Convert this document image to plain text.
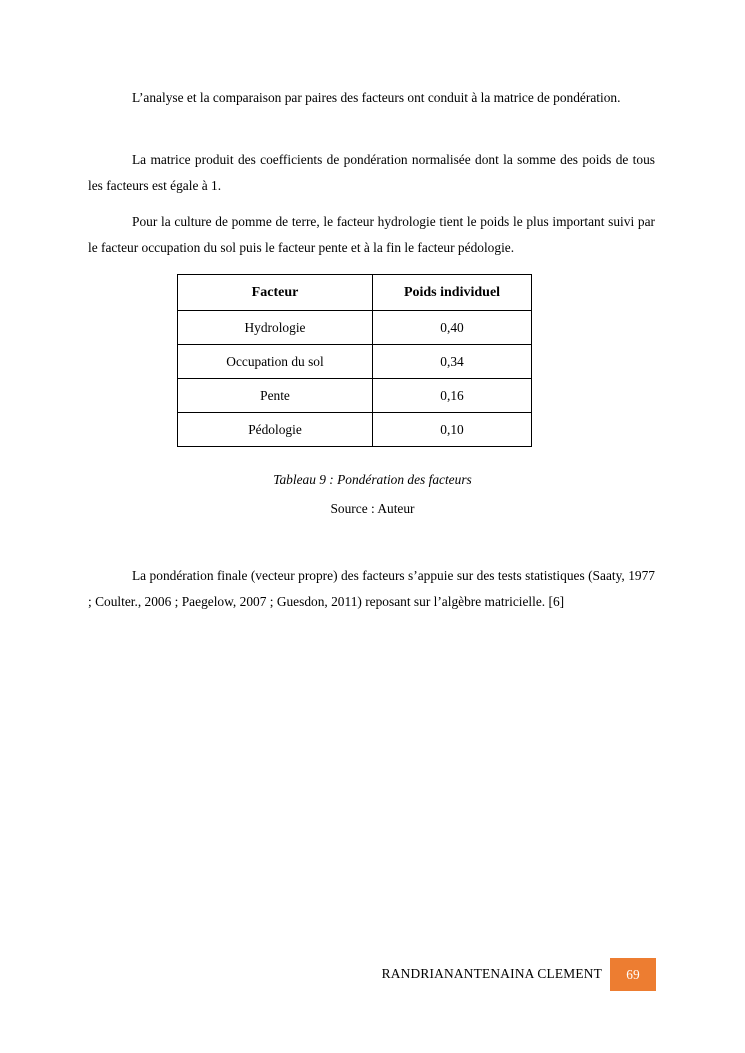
L’analyse et la comparaison par paires des facteurs ont conduit à la matrice de pondération.

La matrice produit des coefficients de pondération normalisée dont la somme des poids de tous les facteurs est égale à 1.

Pour la culture de pomme de terre, le facteur hydrologie tient le poids le plus important suivi par le facteur occupation du sol puis le facteur pente et à la fin le facteur pédologie.

Facteur	Poids individuel
Hydrologie	0,40
Occupation du sol	0,34
Pente	0,16
Pédologie	0,10

Tableau 9 : Pondération des facteurs

Source : Auteur

La pondération finale (vecteur propre) des facteurs s’appuie sur des tests statistiques (Saaty, 1977 ; Coulter., 2006 ; Paegelow, 2007 ; Guesdon, 2011) reposant sur l’algèbre matricielle. [6]

RANDRIANANTENAINA CLEMENT	69
